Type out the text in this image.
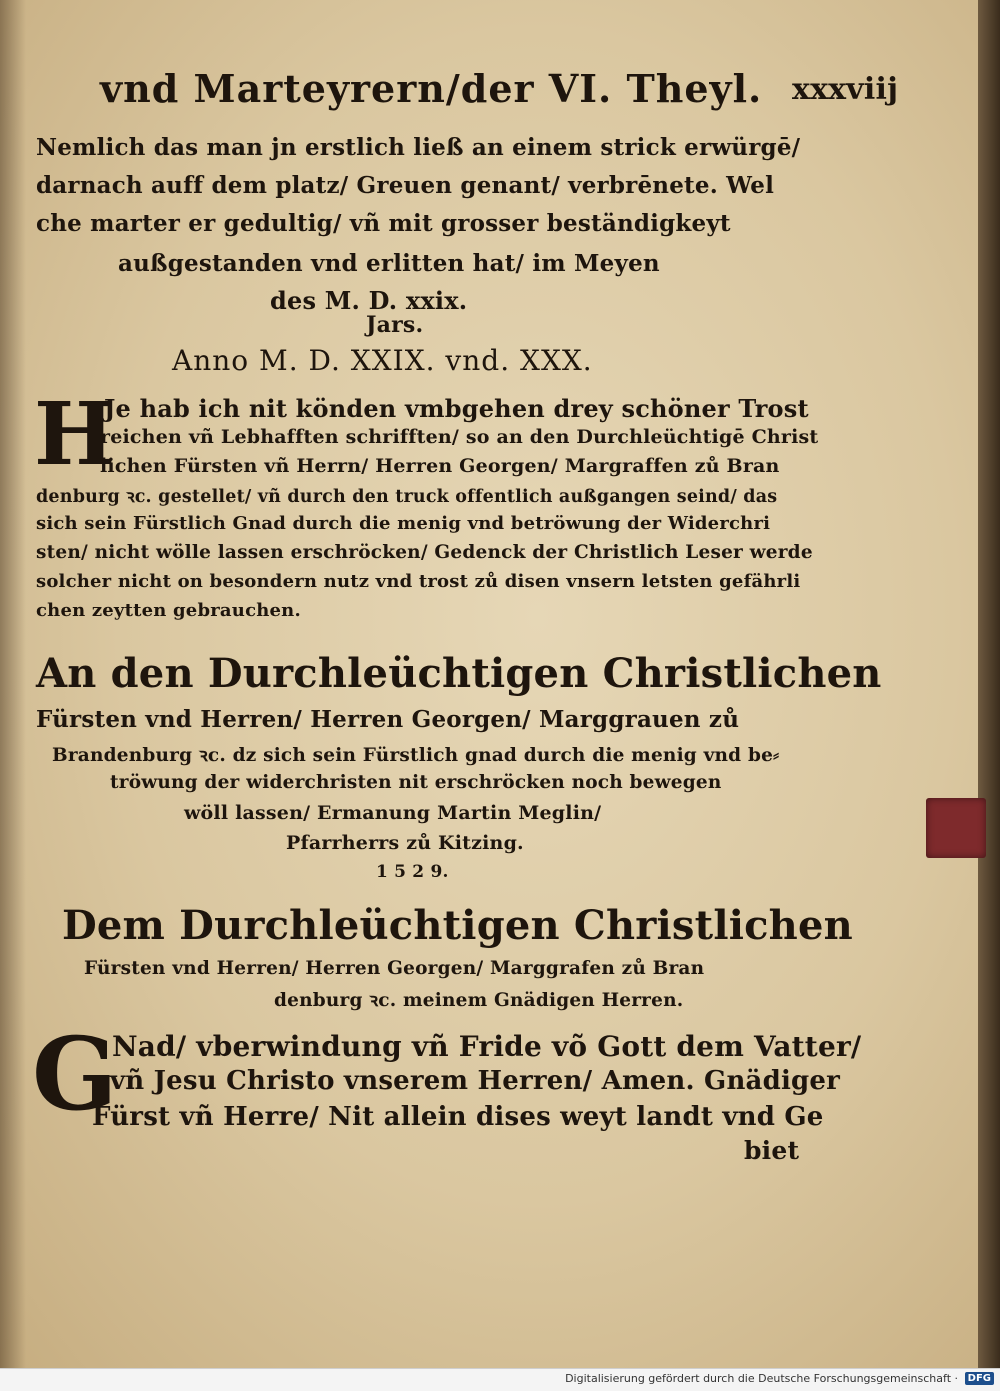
vnd Marteyrern/der VI. Theyl. xxxviij

Nemlich das man jn erstlich ließ an einem strick erwürgē/

darnach auff dem platz/ Greuen genant/ verbrēnete. Wel

che marter er gedultig/ vñ mit grosser beständigkeyt

außgestanden vnd erlitten hat/ im Meyen

des M. D. xxix.

Jars.

Anno M. D. XXIX. vnd. XXX.

H

Je hab ich nit könden vmbgehen drey schöner Trost

reichen vñ Lebhafften schrifften/ so an den Durchleüchtigē Christ

lichen Fürsten vñ Herrn/ Herren Georgen/ Margraffen zů Bran

denburg ꝛc. gestellet/ vñ durch den truck offentlich außgangen seind/ das

sich sein Fürstlich Gnad durch die menig vnd betröwung der Widerchri

sten/ nicht wölle lassen erschröcken/ Gedenck der Christlich Leser werde

solcher nicht on besondern nutz vnd trost zů disen vnsern letsten gefährli

chen zeytten gebrauchen.

An den Durchleüchtigen Christlichen

Fürsten vnd Herren/ Herren Georgen/ Marggrauen zů

Brandenburg ꝛc. dz sich sein Fürstlich gnad durch die menig vnd be⸗

tröwung der widerchristen nit erschröcken noch bewegen

wöll lassen/ Ermanung Martin Meglin/

Pfarrherrs zů Kitzing.

1 5 2 9.

Dem Durchleüchtigen Christlichen

Fürsten vnd Herren/ Herren Georgen/ Marggrafen zů Bran

denburg ꝛc. meinem Gnädigen Herren.

G

Nad/ vberwindung vñ Fride võ Gott dem Vatter/

vñ Jesu Christo vnserem Herren/ Amen. Gnädiger

Fürst vñ Herre/ Nit allein dises weyt landt vnd Ge

biet

Digitalisierung gefördert durch die Deutsche Forschungsgemeinschaft · DFG
